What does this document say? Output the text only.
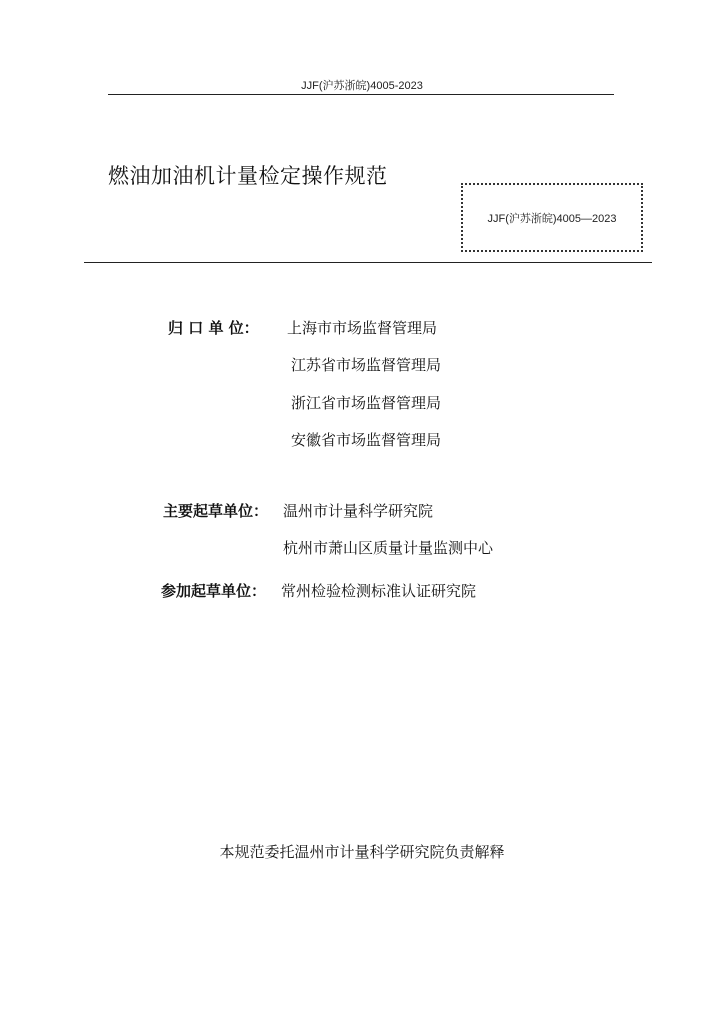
JJF(沪苏浙皖)4005-2023
燃油加油机计量检定操作规范
JJF(沪苏浙皖)4005—2023
归 口 单 位： 上海市市场监督管理局
江苏省市场监督管理局
浙江省市场监督管理局
安徽省市场监督管理局
主要起草单位： 温州市计量科学研究院
杭州市萧山区质量计量监测中心
参加起草单位： 常州检验检测标准认证研究院
本规范委托温州市计量科学研究院负责解释
